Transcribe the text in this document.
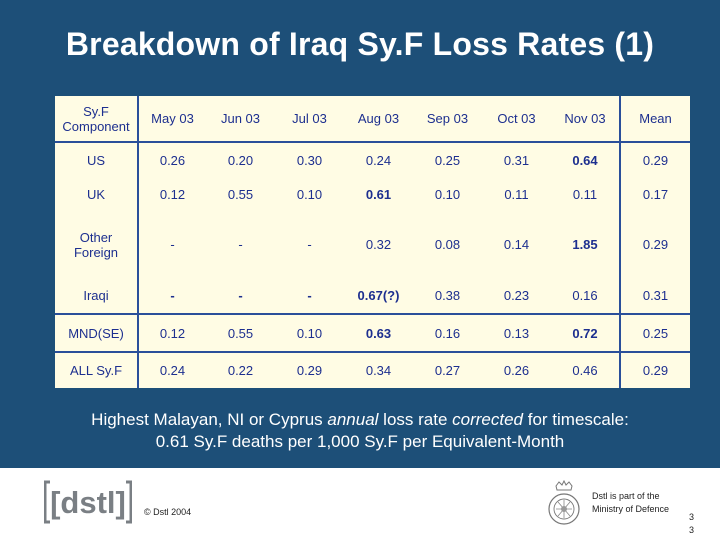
Breakdown of Iraq Sy.F Loss Rates (1)
Sy.F
Component	May 03	Jun 03	Jul 03	Aug 03	Sep 03	Oct 03	Nov 03	Mean
US	0.26	0.20	0.30	0.24	0.25	0.31	0.64	0.29
UK	0.12	0.55	0.10	0.61	0.10	0.11	0.11	0.17
Other
Foreign	-	-	-	0.32	0.08	0.14	1.85	0.29
Iraqi	-	-	-	0.67(?)	0.38	0.23	0.16	0.31
MND(SE)	0.12	0.55	0.10	0.63	0.16	0.13	0.72	0.25
ALL Sy.F	0.24	0.22	0.29	0.34	0.27	0.26	0.46	0.29
Highest Malayan, NI or Cyprus annual loss rate corrected for timescale:
0.61 Sy.F deaths per 1,000 Sy.F per Equivalent-Month
[dstl] © Dstl 2004
Dstl is part of the
Ministry of Defence
3
3
